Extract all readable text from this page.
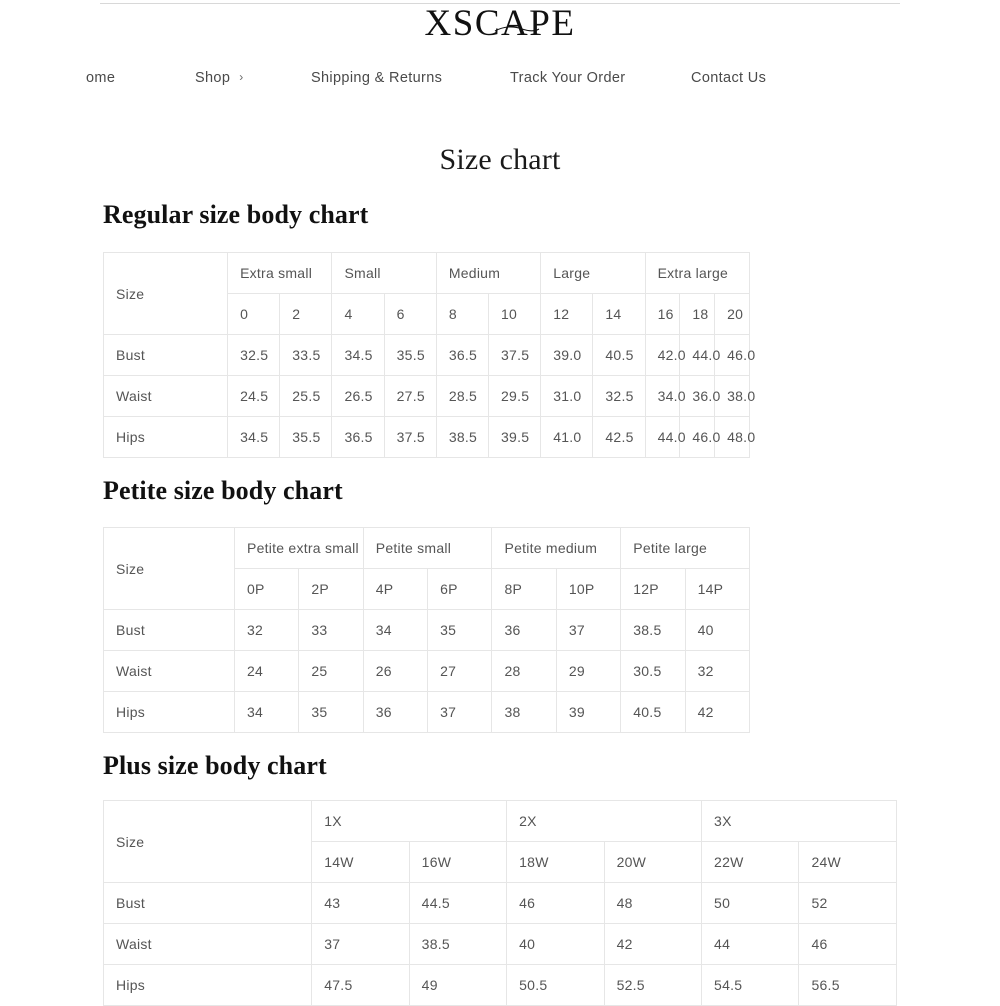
XSCAPE
ome	Shop ›	Shipping & Returns	Track Your Order	Contact Us
Size chart
Regular size body chart
Size	Extra small		Small		Medium		Large		Extra large		
	0	2	4	6	8	10	12	14	16	18	20
Bust	32.5	33.5	34.5	35.5	36.5	37.5	39.0	40.5	42.0	44.0	46.0
Waist	24.5	25.5	26.5	27.5	28.5	29.5	31.0	32.5	34.0	36.0	38.0
Hips	34.5	35.5	36.5	37.5	38.5	39.5	41.0	42.5	44.0	46.0	48.0
Petite size body chart
Size	Petite extra small		Petite small		Petite medium		Petite large	
	0P	2P	4P	6P	8P	10P	12P	14P
Bust	32	33	34	35	36	37	38.5	40
Waist	24	25	26	27	28	29	30.5	32
Hips	34	35	36	37	38	39	40.5	42
Plus size body chart
Size	1X		2X		3X	
	14W	16W	18W	20W	22W	24W
Bust	43	44.5	46	48	50	52
Waist	37	38.5	40	42	44	46
Hips	47.5	49	50.5	52.5	54.5	56.5
